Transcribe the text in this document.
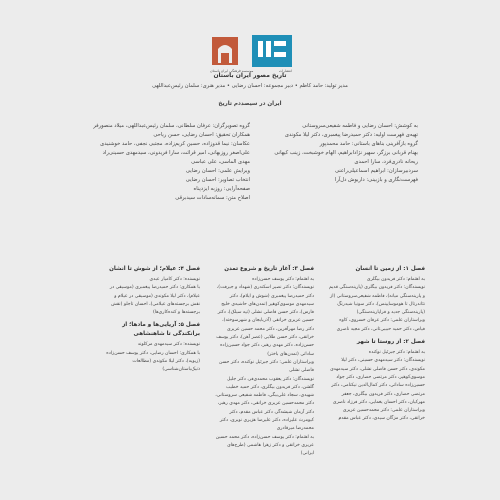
موسسه فرهنگی ایران باستان	انتشارات
تاریخ مصور ایران باستان
مدیر تولید: حامد کاظم • دبیر مجموعه: احسان رضایی • مدیر هنری: سلمان رئیس‌عبداللهی
ایران در سیصد‌دم تاریخ
به کوشش: احسان رضایی و فاطمه شفیعی‌سروستانی
تهیه‌ی فهرست اولیه: دکتر حمیدرضا پیغمبری، دکتر لیلا مکوندی
گروه بازآفرینی بناهای باستانی: حامد محمدپور
بهنام قربانی برزگر، سهیر نژادابراهیم، الهام خوشبخت، زینب کیهانی
ریحانه نادری‌فرد، سارا احمدی
سردبیرسازان: ابراهیم اسماعیلی‌راعنی
فهرست‌نگاری و بازبینی: داریوش دل‌آرا
گروه تصویرگران: عرفان سلطانی، سلمان رئیس‌عبداللهی، میلاد منصورفر
همکاران تحقیق: احسان رضایی، حسن ریاحی
عکاسان: نیما قدوزاده، حسین کریم‌زاده، مجتبی نجفی، حامد خوشنیدی
علی‌اصغر روزبهانی، امیر قرائت، سارا فریدونی، سیدمهدی حسینی‌راد
مهدی الماسی، علی عباسی
ویرایش علمی: احسان رضایی
انتخاب تصاویر: احسان رضایی
صفحه‌آرایی: روزبه ایزدپناه
اصلاح متن: سمانه‌سادات سیدبرقی
فصل ۱: از زمین تا انسان
به اهتمام: دکتر فریدون بیگلری
نویسندگان: دکتر فریدون بیگلری (پارینه‌سنگی قدیم و پارینه‌سنگی میانه)، فاطمه شفیعی‌سروستانی (از نئاندرتال تا هوموساپینس)، دکتر سونیا شیدرنگ (پارینه‌سنگی جدید و فراپارینه‌سنگی)
ویراستاران علمی: دکتر عرفان خسروی، کاوه فیاض، دکتر حمید حبیبی‌ثانی، دکتر مجید ناصری
فصل ۲: از روستا تا شهر
به اهتمام: دکتر جبرئیل نوکنده
نویسندگان: دکتر سیدمهدی حسینی، دکتر لیلا مکوندی، دکتر حسن فاضلی نشلی، دکتر سیدمهدی موسوی‌کوهپر، دکتر مرتضی حصاری، دکتر جواد حسین‌زاده ساداتی، دکتر کمال‌الدین نیکنامی، دکتر مرتضی حصاری، دکتر فریدون بیگلری، جعفر مهرکیان، دکتر احسان یغمایی، دکتر فرزاد ناصری
ویراستاران علمی: دکتر محمدحسین عزیزی خرانقی، دکتر مژگان سیدی، دکتر عباس مقدم
فصل ۳: آغاز تاریخ و شروع تمدن
به اهتمام: دکتر یوسف حسن‌زاده
نویسندگان: دکتر نصیر اسکندری (شهداد و جیرفت)، دکتر حمیدرضا پیغمبری (شوش و ایلام)، دکتر سیدمهدی موسوی‌کوهپر (تمدن‌های حاشیه‌ی خلیج فارس)، دکتر حسن فاضلی نشلی (تپه سیلک)، دکتر حسین عزیزی خرانقی (آذربایجان و شهرسوخته)، دکتر رضا مهرآفرین، دکتر محمد حسین عزیزی خرانقی، دکتر حسن طلایی (عصر آهن)، دکتر یوسف حسن‌زاده، دکتر مهدی رهبر، دکتر جواد حسین‌زاده ساداتی (تمدن‌های باختر)
ویراستاران علمی: دکتر جبرئیل نوکنده، دکتر حسن فاضلی نشلی
نویسندگان: دکتر یعقوب محمدی‌فر، دکتر جلیل گلشن، دکتر فریدون بیگلری، دکتر حمید خطیب شهیدی، سجاد علی‌بیگی، فاطمه شفیعی سروستانی، دکتر محمدحسین عزیزی خرانقی، دکتر مهدی رهبر، دکتر آرمان شیشه‌گر، دکتر عباس مقدم، دکتر کیومرث علیزاده، دکتر علیرضا هژبری نوبری، دکتر محمدرضا میرقادری
به اهتمام: دکتر یوسف حسن‌زاده، دکتر محمد حسین عزیزی خرانقی و دکتر زهرا هاشمی (طرح‌های ایرانی)
فصل ۴: عیلام؛ از شوش تا انشان
نویسنده: دکتر کامیار عبدی
با همکاری: دکتر حمیدرضا پیغمبری (موسیقی در عیلام)، دکتر لیلا مکوندی (موسیقی در عیلام و نقش برجسته‌های عیلامی)، احسان تاجلو (نقش برجسته‌ها و کنده‌کاری‌ها)
فصل ۵: آریایی‌ها و مادها؛ از برانکندگی تا شاهنشاهی
نویسنده: دکتر سیدمهدی مرکلوند
با همکاری: احسان رضایی، دکتر یوسف حسن‌زاده (زیویه)، دکتر لیلا مکوندی (مطالعات ذنیک‌باستان‌شناسی)
